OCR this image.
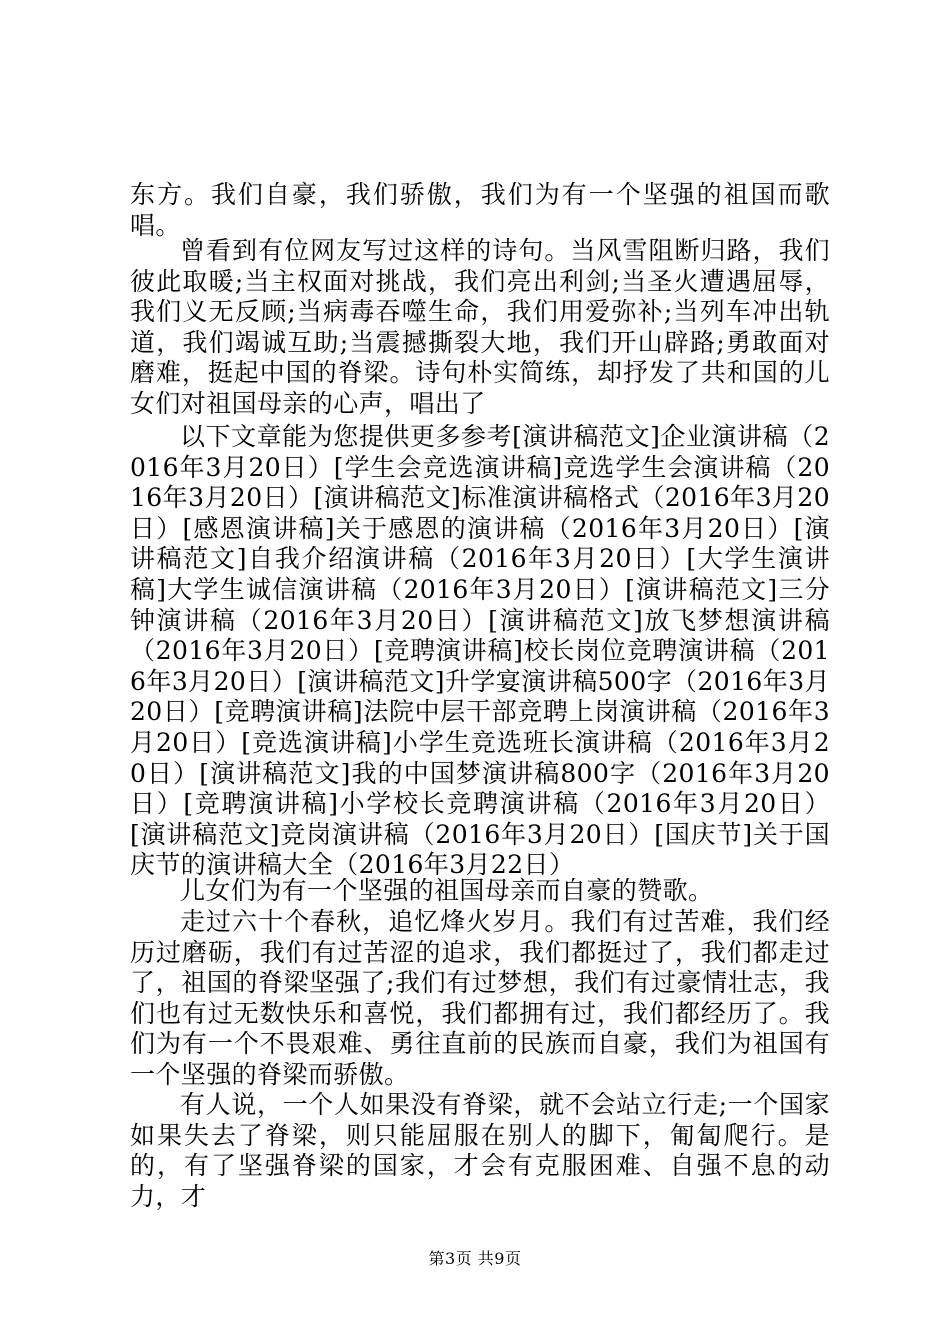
东方。我们自豪，我们骄傲，我们为有一个坚强的祖国而歌唱。

曾看到有位网友写过这样的诗句。当风雪阻断归路，我们彼此取暖;当主权面对挑战，我们亮出利剑;当圣火遭遇屈辱，我们义无反顾;当病毒吞噬生命，我们用爱弥补;当列车冲出轨道，我们竭诚互助;当震撼撕裂大地，我们开山辟路;勇敢面对磨难，挺起中国的脊梁。诗句朴实简练，却抒发了共和国的儿女们对祖国母亲的心声，唱出了

以下文章能为您提供更多参考[演讲稿范文]企业演讲稿（2016年3月20日）[学生会竞选演讲稿]竞选学生会演讲稿（2016年3月20日）[演讲稿范文]标准演讲稿格式（2016年3月20日）[感恩演讲稿]关于感恩的演讲稿（2016年3月20日）[演讲稿范文]自我介绍演讲稿（2016年3月20日）[大学生演讲稿]大学生诚信演讲稿（2016年3月20日）[演讲稿范文]三分钟演讲稿（2016年3月20日）[演讲稿范文]放飞梦想演讲稿（2016年3月20日）[竞聘演讲稿]校长岗位竞聘演讲稿（2016年3月20日）[演讲稿范文]升学宴演讲稿500字（2016年3月20日）[竞聘演讲稿]法院中层干部竞聘上岗演讲稿（2016年3月20日）[竞选演讲稿]小学生竞选班长演讲稿（2016年3月20日）[演讲稿范文]我的中国梦演讲稿800字（2016年3月20日）[竞聘演讲稿]小学校长竞聘演讲稿（2016年3月20日）[演讲稿范文]竞岗演讲稿（2016年3月20日）[国庆节]关于国庆节的演讲稿大全（2016年3月22日）

儿女们为有一个坚强的祖国母亲而自豪的赞歌。

走过六十个春秋，追忆烽火岁月。我们有过苦难，我们经历过磨砺，我们有过苦涩的追求，我们都挺过了，我们都走过了，祖国的脊梁坚强了;我们有过梦想，我们有过豪情壮志，我们也有过无数快乐和喜悦，我们都拥有过，我们都经历了。我们为有一个不畏艰难、勇往直前的民族而自豪，我们为祖国有一个坚强的脊梁而骄傲。

有人说，一个人如果没有脊梁，就不会站立行走;一个国家如果失去了脊梁，则只能屈服在别人的脚下，匍匐爬行。是的，有了坚强脊梁的国家，才会有克服困难、自强不息的动力，才

第3页 共9页
